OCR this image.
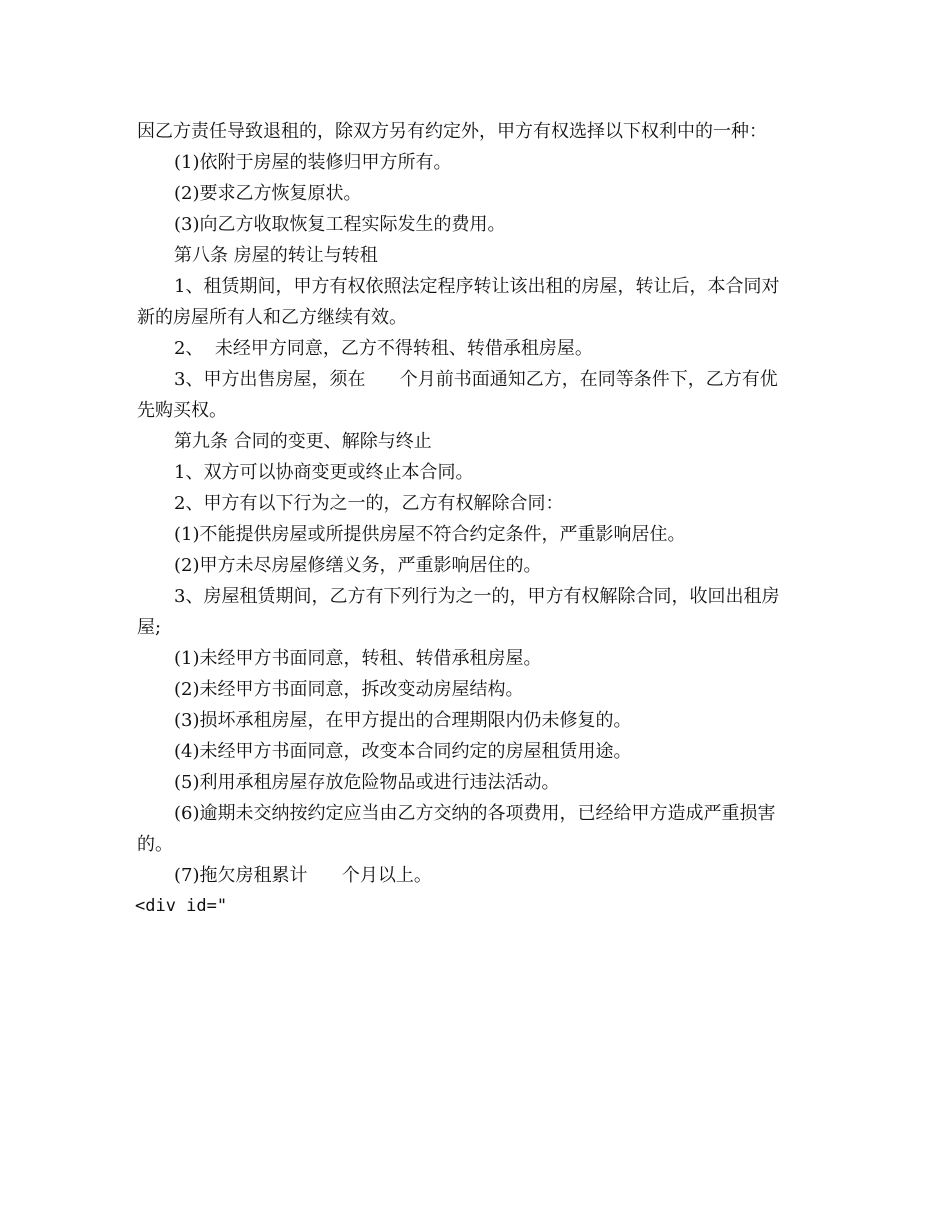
因乙方责任导致退租的，除双方另有约定外，甲方有权选择以下权利中的一种：
(1)依附于房屋的装修归甲方所有。
(2)要求乙方恢复原状。
(3)向乙方收取恢复工程实际发生的费用。
第八条 房屋的转让与转租
1、租赁期间，甲方有权依照法定程序转让该出租的房屋，转让后，本合同对
新的房屋所有人和乙方继续有效。
2、  未经甲方同意，乙方不得转租、转借承租房屋。
3、甲方出售房屋，须在      个月前书面通知乙方，在同等条件下，乙方有优
先购买权。
第九条 合同的变更、解除与终止
1、双方可以协商变更或终止本合同。
2、甲方有以下行为之一的，乙方有权解除合同：
(1)不能提供房屋或所提供房屋不符合约定条件，严重影响居住。
(2)甲方未尽房屋修缮义务，严重影响居住的。
3、房屋租赁期间，乙方有下列行为之一的，甲方有权解除合同，收回出租房
屋;
(1)未经甲方书面同意，转租、转借承租房屋。
(2)未经甲方书面同意，拆改变动房屋结构。
(3)损坏承租房屋，在甲方提出的合理期限内仍未修复的。
(4)未经甲方书面同意，改变本合同约定的房屋租赁用途。
(5)利用承租房屋存放危险物品或进行违法活动。
(6)逾期未交纳按约定应当由乙方交纳的各项费用，已经给甲方造成严重损害
的。
(7)拖欠房租累计      个月以上。
<div id="
